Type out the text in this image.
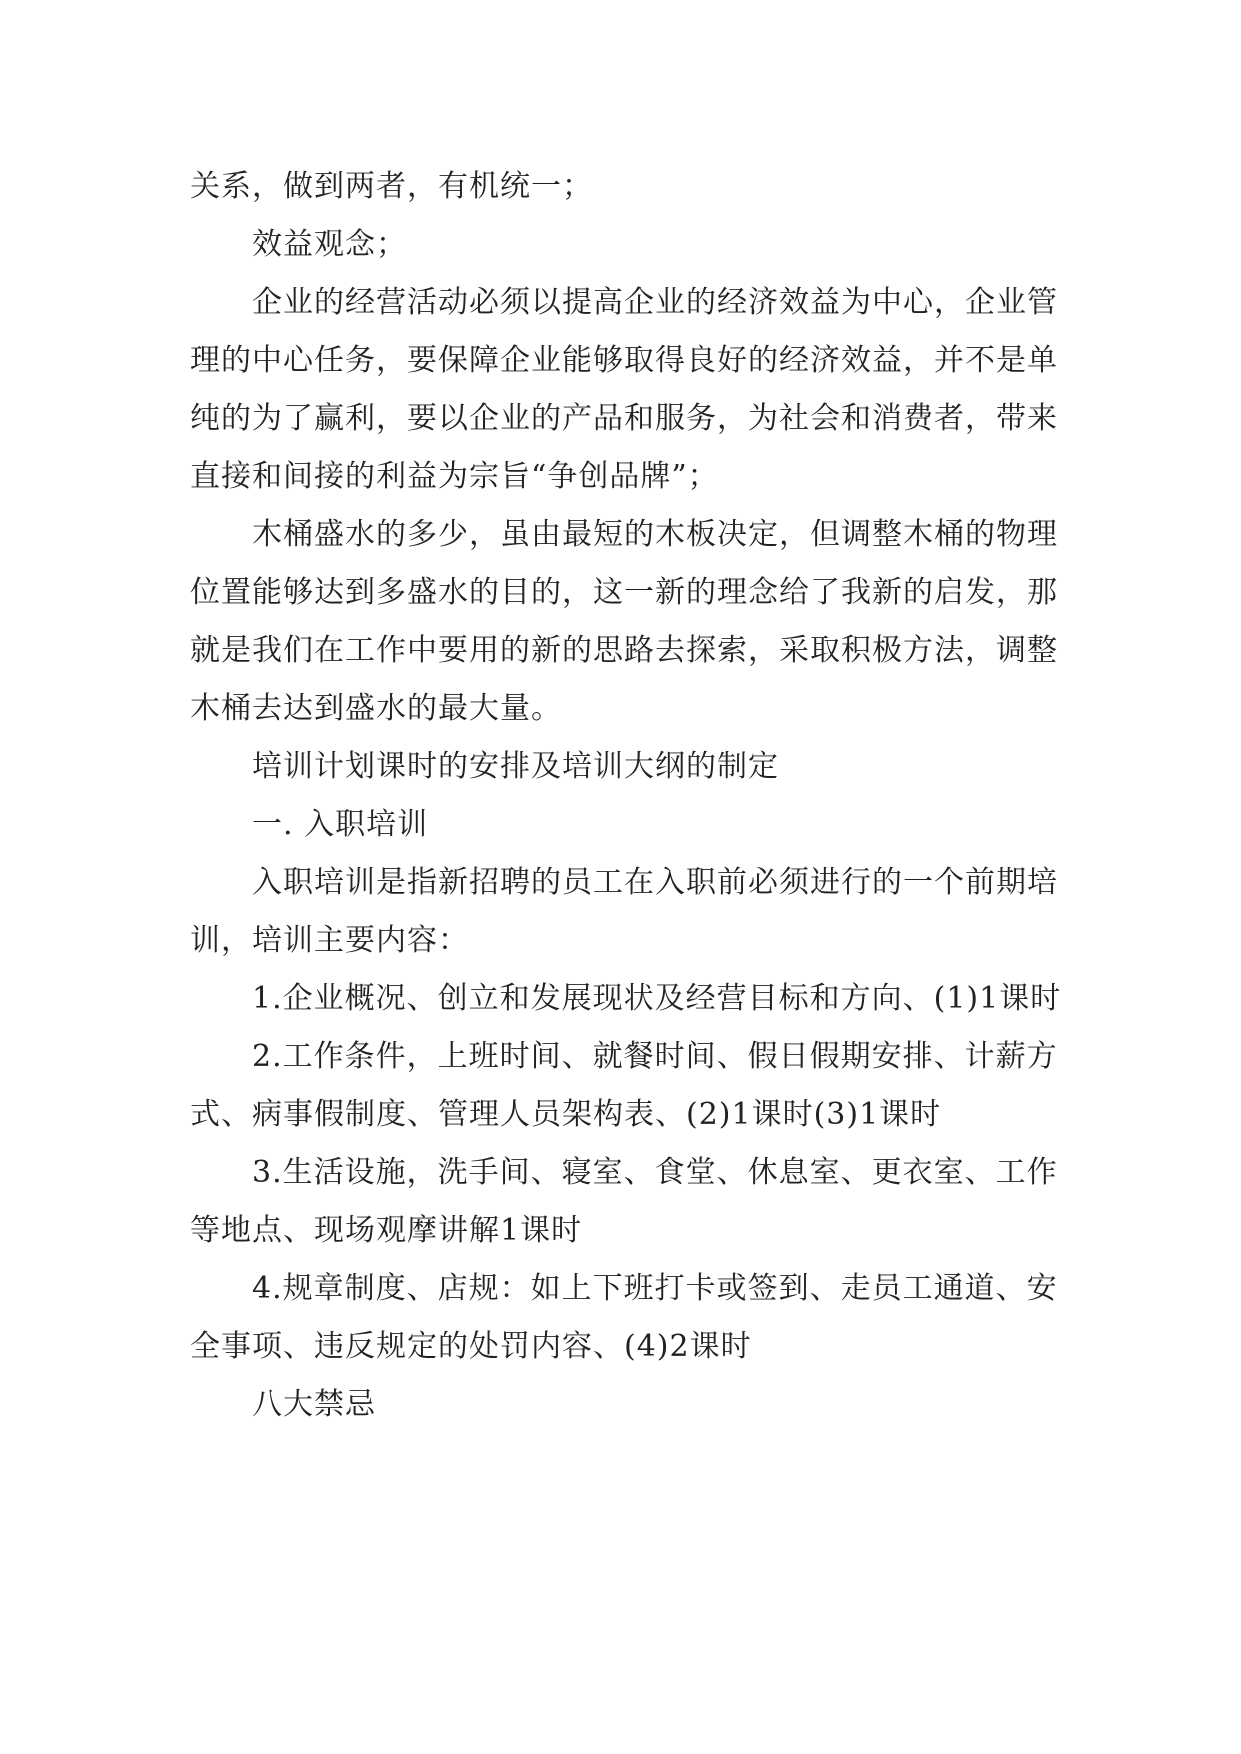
关系，做到两者，有机统一；

效益观念；

企业的经营活动必须以提高企业的经济效益为中心，企业管理的中心任务，要保障企业能够取得良好的经济效益，并不是单纯的为了赢利，要以企业的产品和服务，为社会和消费者，带来直接和间接的利益为宗旨“争创品牌”；

木桶盛水的多少，虽由最短的木板决定，但调整木桶的物理位置能够达到多盛水的目的，这一新的理念给了我新的启发，那就是我们在工作中要用的新的思路去探索，采取积极方法，调整木桶去达到盛水的最大量。

培训计划课时的安排及培训大纲的制定

一. 入职培训

入职培训是指新招聘的员工在入职前必须进行的一个前期培训，培训主要内容：

1.企业概况、创立和发展现状及经营目标和方向、(1)1课时

2.工作条件，上班时间、就餐时间、假日假期安排、计薪方式、病事假制度、管理人员架构表、(2)1课时(3)1课时

3.生活设施，洗手间、寝室、食堂、休息室、更衣室、工作等地点、现场观摩讲解1课时

4.规章制度、店规：如上下班打卡或签到、走员工通道、安全事项、违反规定的处罚内容、(4)2课时

八大禁忌
